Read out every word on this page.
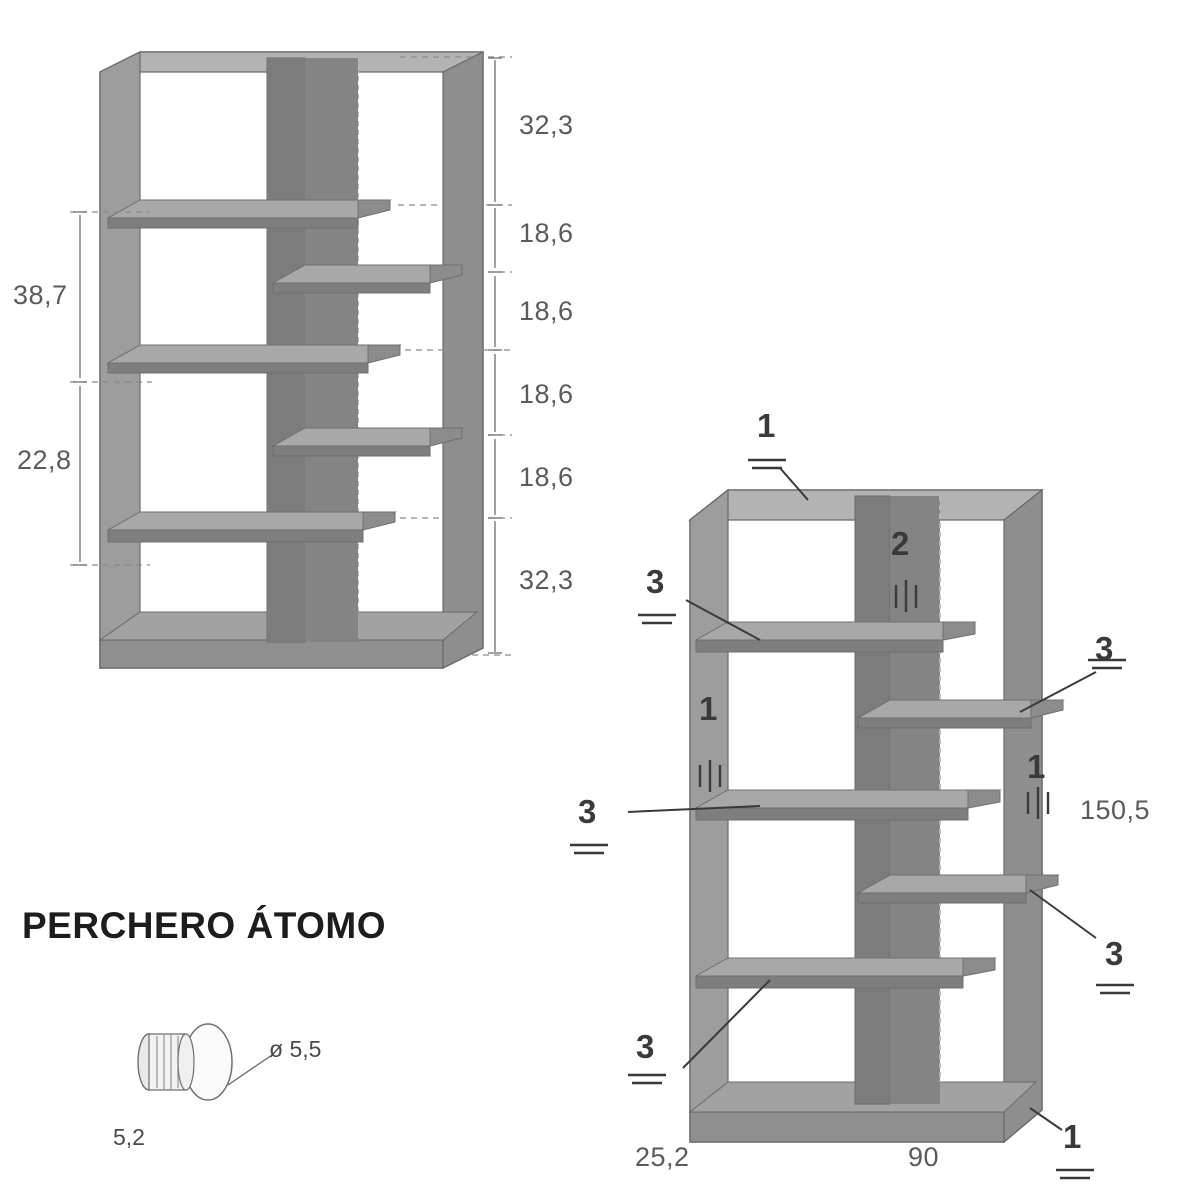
32,3
18,6
18,6
18,6
18,6
32,3
38,7
22,8
PERCHERO ÁTOMO
ø 5,5
5,2
1
3
2
1
3
3
1
3
3
1
150,5
90
25,2
